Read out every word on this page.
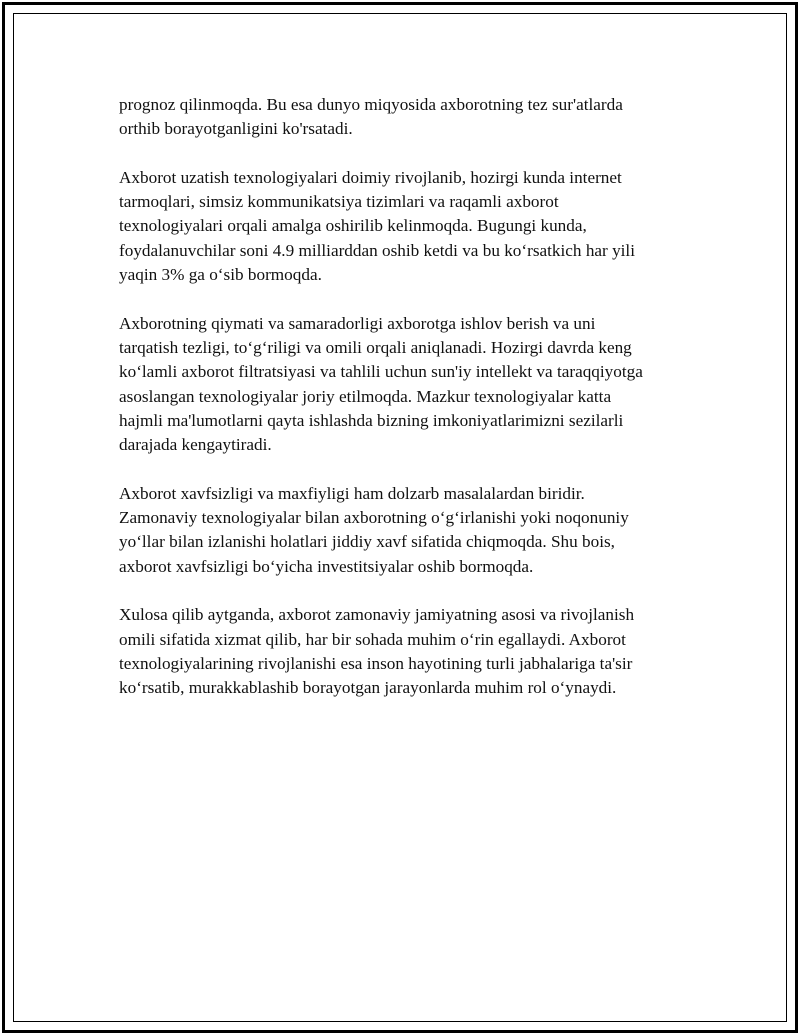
prognoz qilinmoqda. Bu esa dunyo miqyosida axborotning tez sur'atlarda
orthib borayotganligini ko'rsatadi.

Axborot uzatish texnologiyalari doimiy rivojlanib, hozirgi kunda internet
tarmoqlari, simsiz kommunikatsiya tizimlari va raqamli axborot
texnologiyalari orqali amalga oshirilib kelinmoqda. Bugungi kunda,
foydalanuvchilar soni 4.9 milliarddan oshib ketdi va bu ko‘rsatkich har yili
yaqin 3% ga o‘sib bormoqda.

Axborotning qiymati va samaradorligi axborotga ishlov berish va uni
tarqatish tezligi, to‘g‘riligi va omili orqali aniqlanadi. Hozirgi davrda keng
ko‘lamli axborot filtratsiyasi va tahlili uchun sun'iy intellekt va taraqqiyotga
asoslangan texnologiyalar joriy etilmoqda. Mazkur texnologiyalar katta
hajmli ma'lumotlarni qayta ishlashda bizning imkoniyatlarimizni sezilarli
darajada kengaytiradi.

Axborot xavfsizligi va maxfiyligi ham dolzarb masalalardan biridir.
Zamonaviy texnologiyalar bilan axborotning o‘g‘irlanishi yoki noqonuniy
yo‘llar bilan izlanishi holatlari jiddiy xavf sifatida chiqmoqda. Shu bois,
axborot xavfsizligi bo‘yicha investitsiyalar oshib bormoqda.

Xulosa qilib aytganda, axborot zamonaviy jamiyatning asosi va rivojlanish
omili sifatida xizmat qilib, har bir sohada muhim o‘rin egallaydi. Axborot
texnologiyalarining rivojlanishi esa inson hayotining turli jabhalariga ta'sir
ko‘rsatib, murakkablashib borayotgan jarayonlarda muhim rol o‘ynaydi.
